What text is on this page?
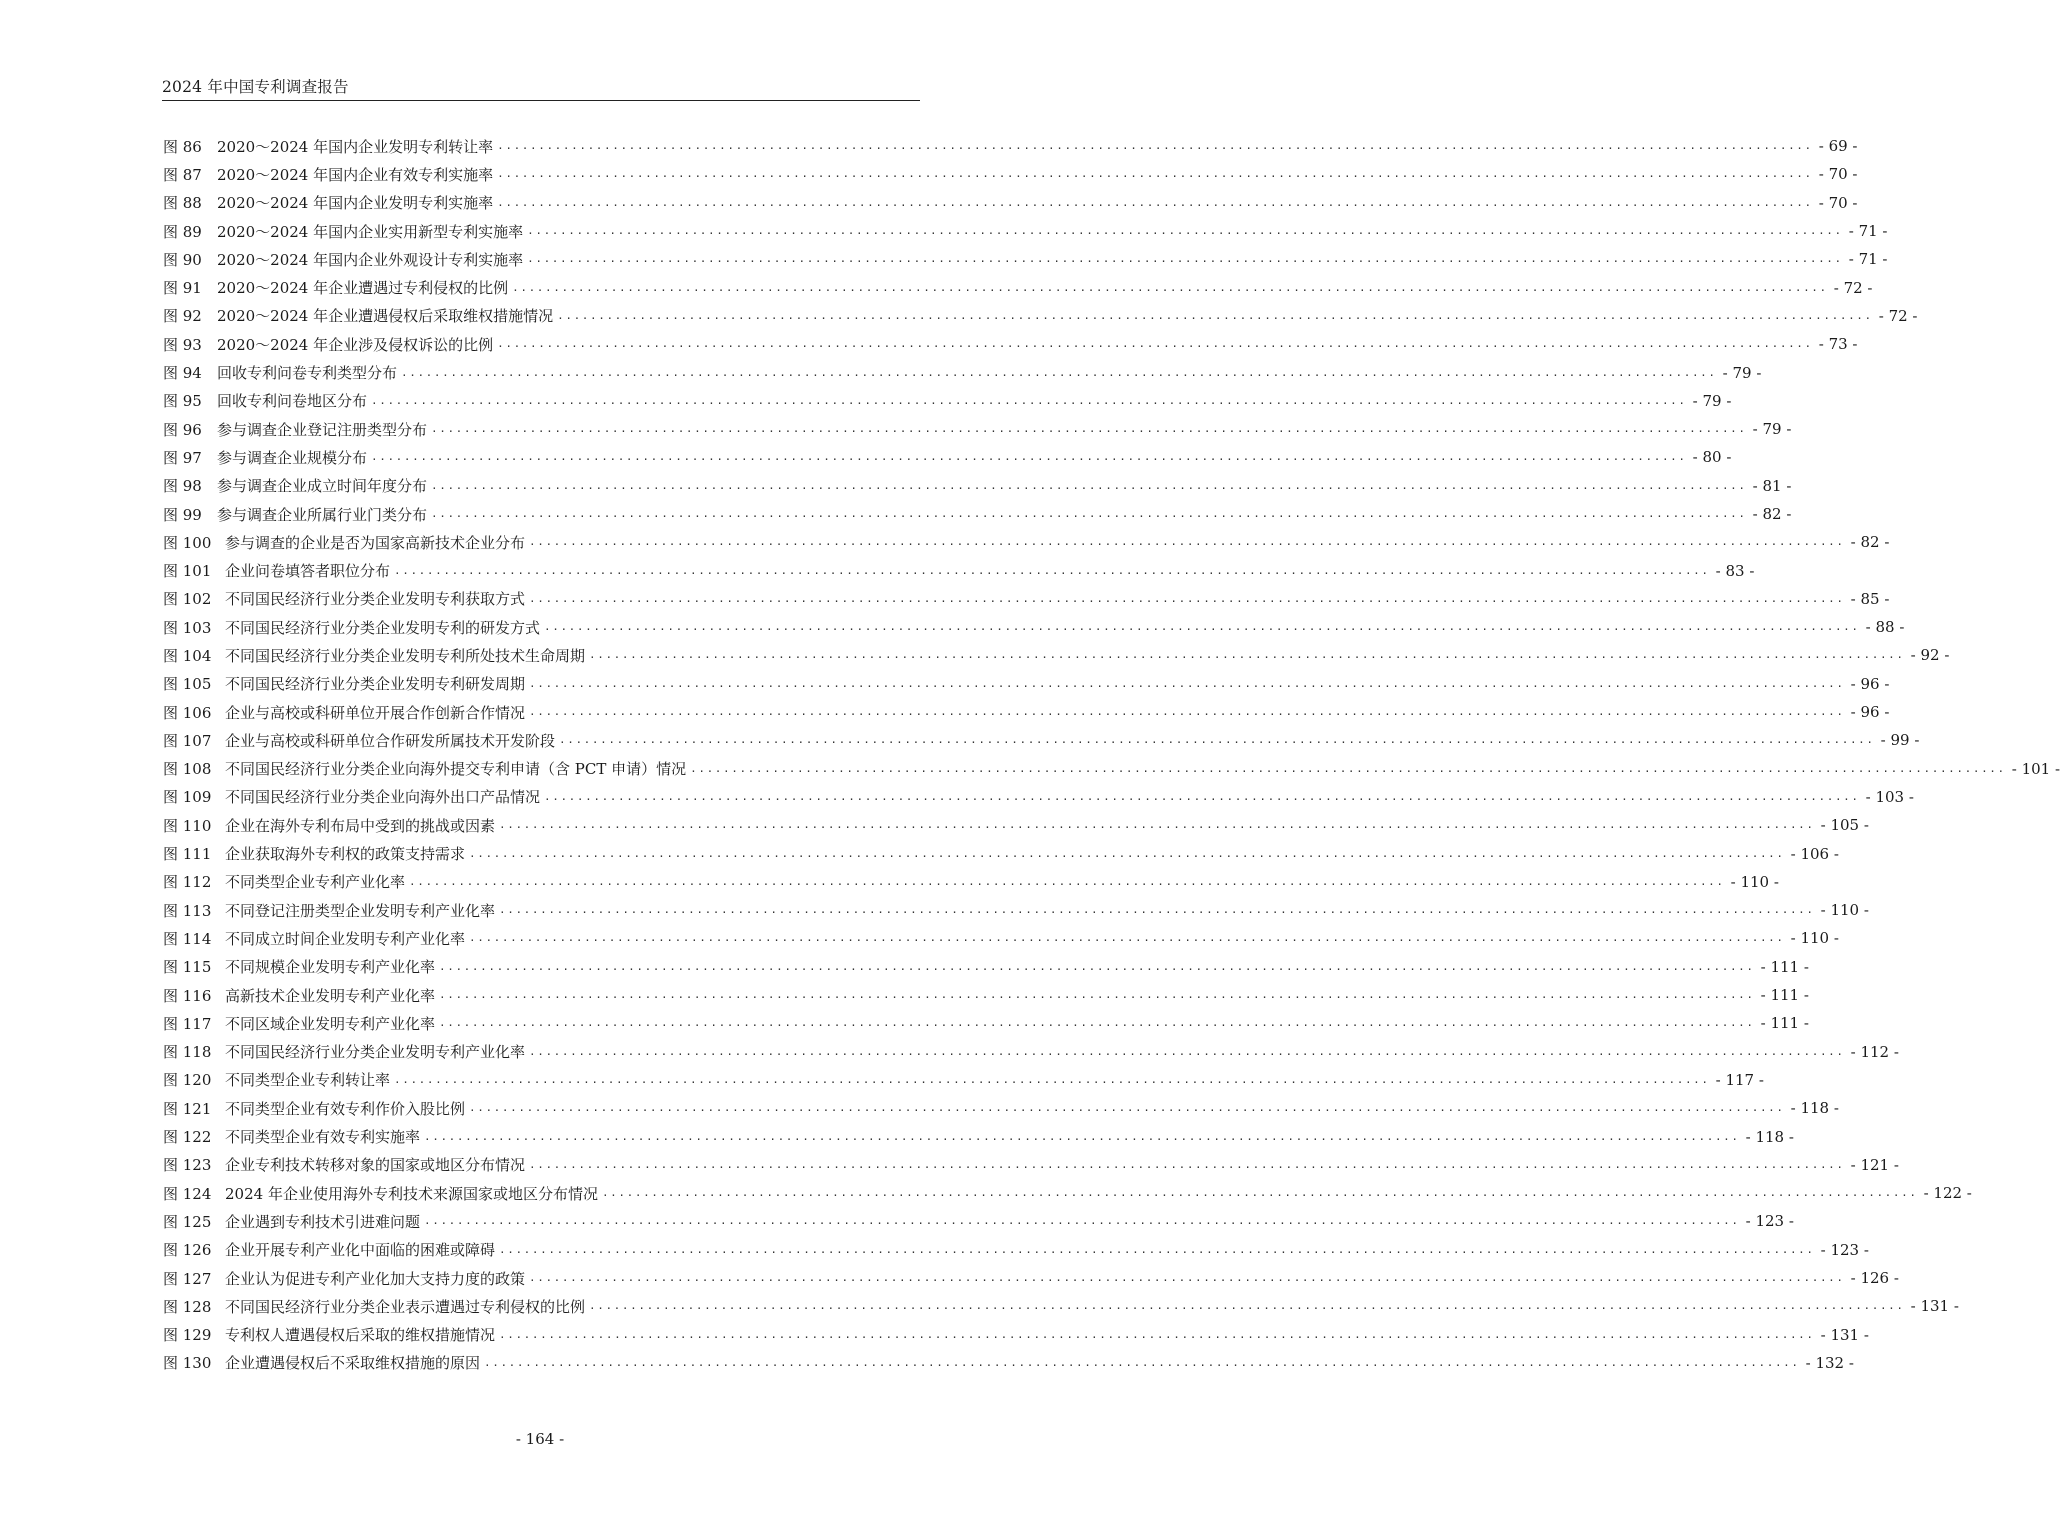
2024 年中国专利调查报告
图 86	2020～2024 年国内企业发明专利转让率 .....	- 69 -
图 87	2020～2024 年国内企业有效专利实施率 .....	- 70 -
图 88	2020～2024 年国内企业发明专利实施率 .....	- 70 -
图 89	2020～2024 年国内企业实用新型专利实施率 .....	- 71 -
图 90	2020～2024 年国内企业外观设计专利实施率 .....	- 71 -
图 91	2020～2024 年企业遭遇过专利侵权的比例 .....	- 72 -
图 92	2020～2024 年企业遭遇侵权后采取维权措施情况 .....	- 72 -
图 93	2020～2024 年企业涉及侵权诉讼的比例 .....	- 73 -
图 94	回收专利问卷专利类型分布 .....	- 79 -
图 95	回收专利问卷地区分布 .....	- 79 -
图 96	参与调查企业登记注册类型分布 .....	- 79 -
图 97	参与调查企业规模分布 .....	- 80 -
图 98	参与调查企业成立时间年度分布 .....	- 81 -
图 99	参与调查企业所属行业门类分布 .....	- 82 -
图 100 参与调查的企业是否为国家高新技术企业分布 .....	- 82 -
图 101 企业问卷填答者职位分布 .....	- 83 -
图 102 不同国民经济行业分类企业发明专利获取方式 .....	- 85 -
图 103 不同国民经济行业分类企业发明专利的研发方式 .....	- 88 -
图 104 不同国民经济行业分类企业发明专利所处技术生命周期 .....	- 92 -
图 105 不同国民经济行业分类企业发明专利研发周期 .....	- 96 -
图 106 企业与高校或科研单位开展合作创新合作情况 .....	- 96 -
图 107 企业与高校或科研单位合作研发所属技术开发阶段 .....	- 99 -
图 108 不同国民经济行业分类企业向海外提交专利申请（含 PCT 申请）情况 .....	- 101 -
图 109 不同国民经济行业分类企业向海外出口产品情况 .....	- 103 -
图 110 企业在海外专利布局中受到的挑战或因素 .....	- 105 -
图 111 企业获取海外专利权的政策支持需求 .....	- 106 -
图 112 不同类型企业专利产业化率 .....	- 110 -
图 113 不同登记注册类型企业发明专利产业化率 .....	- 110 -
图 114 不同成立时间企业发明专利产业化率 .....	- 110 -
图 115 不同规模企业发明专利产业化率 .....	- 111 -
图 116 高新技术企业发明专利产业化率 .....	- 111 -
图 117 不同区域企业发明专利产业化率 .....	- 111 -
图 118 不同国民经济行业分类企业发明专利产业化率 .....	- 112 -
图 120 不同类型企业专利转让率 .....	- 117 -
图 121 不同类型企业有效专利作价入股比例 .....	- 118 -
图 122 不同类型企业有效专利实施率 .....	- 118 -
图 123 企业专利技术转移对象的国家或地区分布情况 .....	- 121 -
图 124 2024 年企业使用海外专利技术来源国家或地区分布情况 .....	- 122 -
图 125 企业遇到专利技术引进难问题 .....	- 123 -
图 126 企业开展专利产业化中面临的困难或障碍 .....	- 123 -
图 127 企业认为促进专利产业化加大支持力度的政策 .....	- 126 -
图 128 不同国民经济行业分类企业表示遭遇过专利侵权的比例 .....	- 131 -
图 129 专利权人遭遇侵权后采取的维权措施情况 .....	- 131 -
图 130 企业遭遇侵权后不采取维权措施的原因 .....	- 132 -
- 164 -
